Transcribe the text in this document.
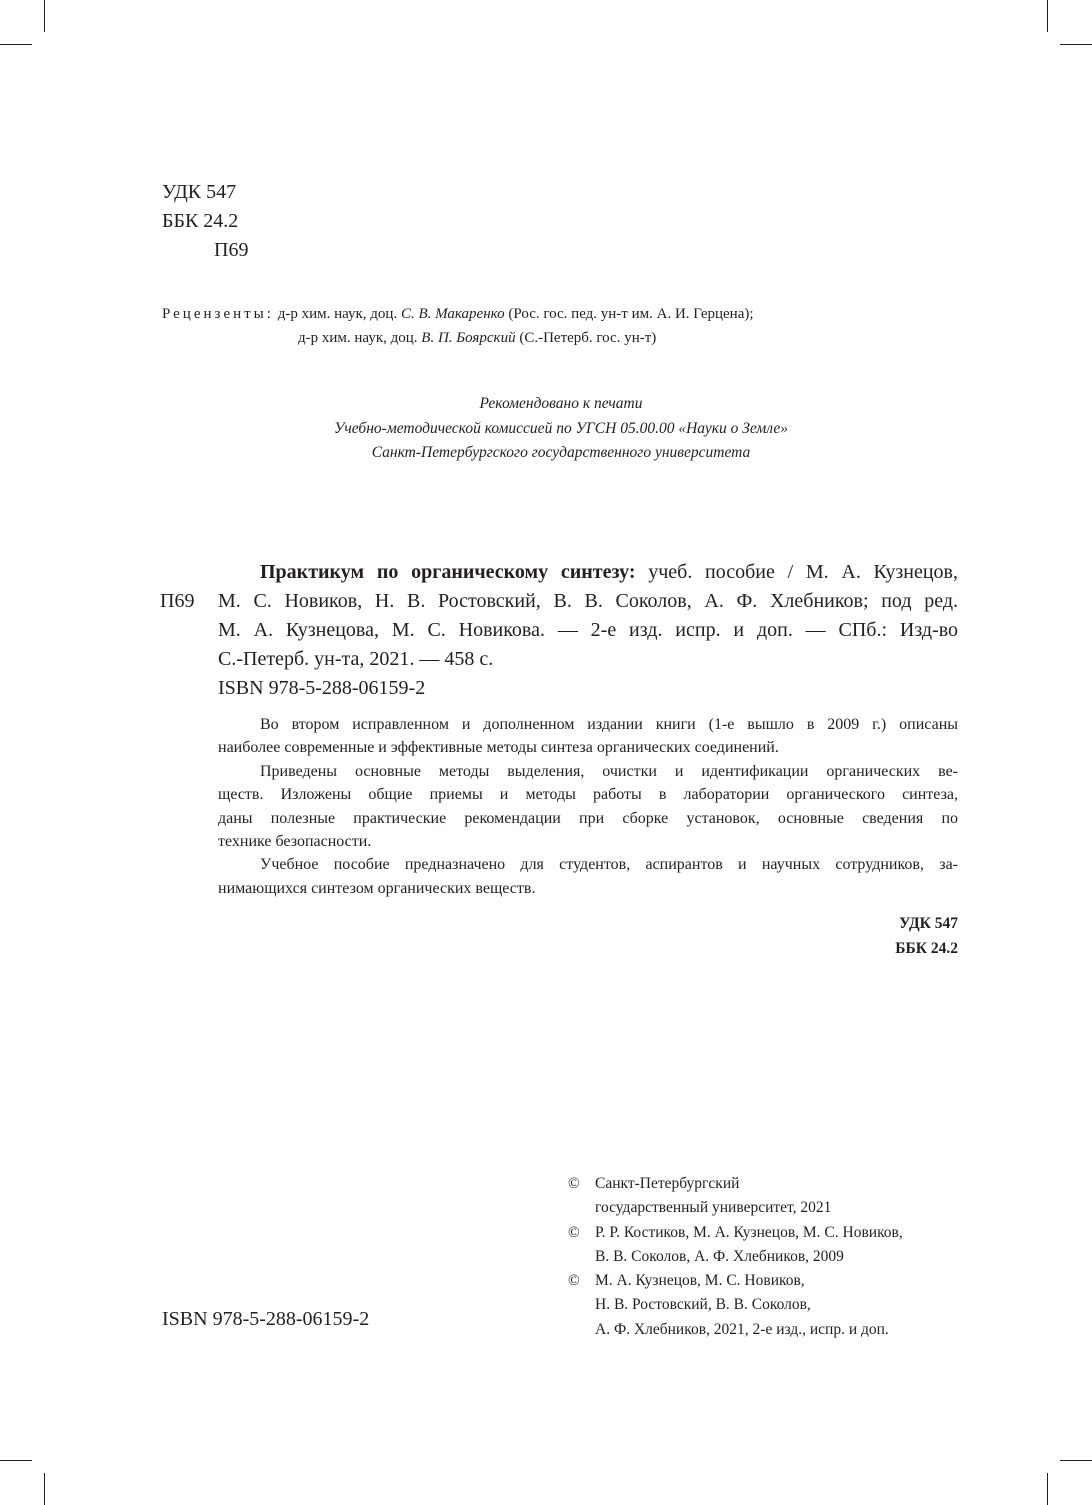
УДК 547
ББК 24.2
П69
Рецензенты: д-р хим. наук, доц. С. В. Макаренко (Рос. гос. пед. ун-т им. А. И. Герцена);
д-р хим. наук, доц. В. П. Боярский (С.-Петерб. гос. ун-т)
Рекомендовано к печати
Учебно-методической комиссией по УГСН 05.00.00 «Науки о Земле»
Санкт-Петербургского государственного университета
П69
Практикум по органическому синтезу: учеб. пособие / М. А. Кузнецов,
М. С. Новиков, Н. В. Ростовский, В. В. Соколов, А. Ф. Хлебников; под ред.
М. А. Кузнецова, М. С. Новикова. — 2-е изд. испр. и доп. — СПб.: Изд-во
С.-Петерб. ун-та, 2021. — 458 с.
ISBN 978-5-288-06159-2
Во втором исправленном и дополненном издании книги (1-е вышло в 2009 г.) описаны
наиболее современные и эффективные методы синтеза органических соединений.
Приведены основные методы выделения, очистки и идентификации органических ве-
ществ. Изложены общие приемы и методы работы в лаборатории органического синтеза,
даны полезные практические рекомендации при сборке установок, основные сведения по
технике безопасности.
Учебное пособие предназначено для студентов, аспирантов и научных сотрудников, за-
нимающихся синтезом органических веществ.
УДК 547
ББК 24.2
© Санкт-Петербургский
государственный университет, 2021
© Р. Р. Костиков, М. А. Кузнецов, М. С. Новиков,
В. В. Соколов, А. Ф. Хлебников, 2009
© М. А. Кузнецов, М. С. Новиков,
Н. В. Ростовский, В. В. Соколов,
А. Ф. Хлебников, 2021, 2-е изд., испр. и доп.
ISBN 978-5-288-06159-2
